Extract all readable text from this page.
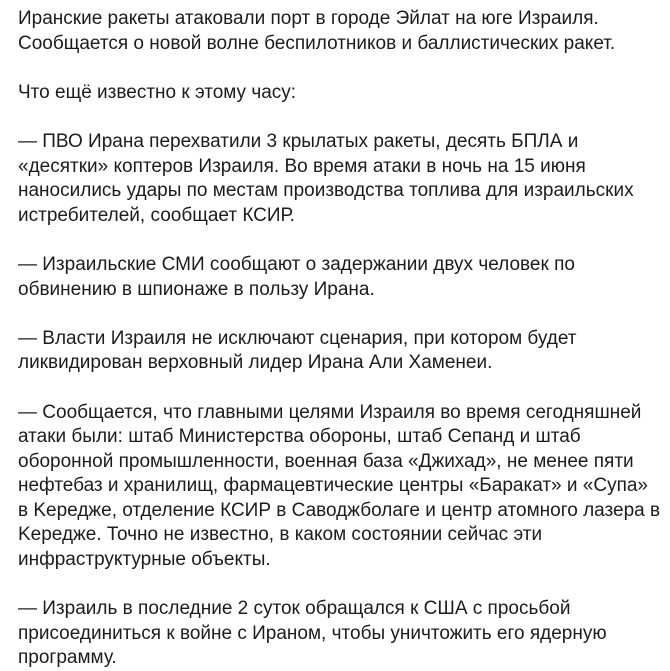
Иранские ракеты атаковали порт в городе Эйлат на юге Израиля.
Сообщается о новой волне беспилотников и баллистических ракет.

Что ещё известно к этому часу:

— ПВО Ирана перехватили 3 крылатых ракеты, десять БПЛА и «десятки» коптеров Израиля. Во время атаки в ночь на 15 июня наносились удары по местам производства топлива для израильских истребителей, сообщает КСИР.

— Израильские СМИ сообщают о задержании двух человек по обвинению в шпионаже в пользу Ирана.

— Власти Израиля не исключают сценария, при котором будет ликвидирован верховный лидер Ирана Али Хаменеи.

— Сообщается, что главными целями Израиля во время сегодняшней атаки были: штаб Министерства обороны, штаб Сепанд и штаб оборонной промышленности, военная база «Джихад», не менее пяти нефтебаз и хранилищ, фармацевтические центры «Баракат» и «Супа» в Keредже, отделение КСИР в Саводжболаге и центр атомного лазера в Keредже. Точно не известно, в каком состоянии сейчас эти инфраструктурные объекты.

— Израиль в последние 2 суток обращался к США с просьбой присоединиться к войне с Ираном, чтобы уничтожить его ядерную программу.
